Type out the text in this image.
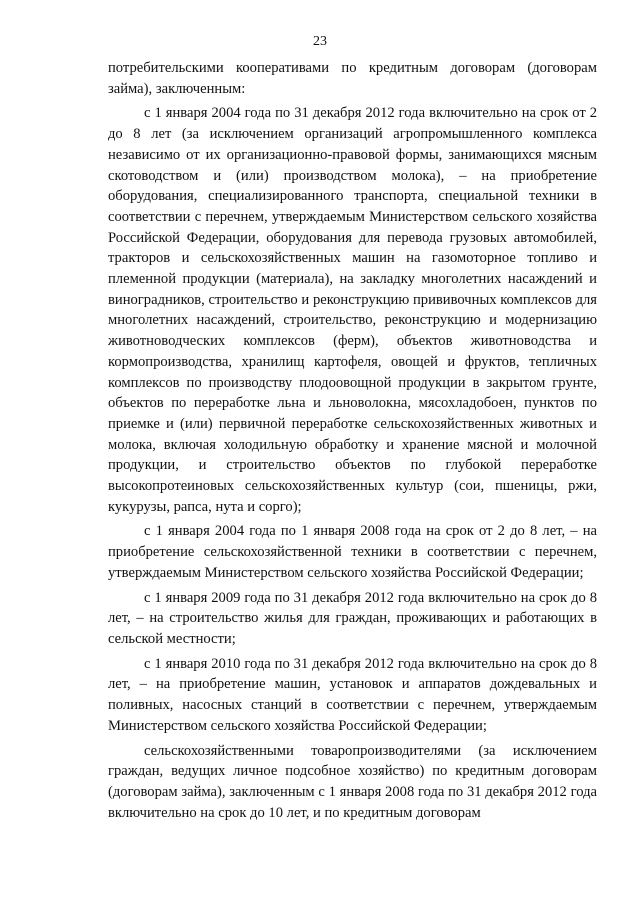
23

потребительскими кооперативами по кредитным договорам (договорам займа), заключенным:

с 1 января 2004 года по 31 декабря 2012 года включительно на срок от 2 до 8 лет (за исключением организаций агропромышленного комплекса независимо от их организационно-правовой формы, занимающихся мясным скотоводством и (или) производством молока), – на приобретение оборудования, специализированного транспорта, специальной техники в соответствии с перечнем, утверждаемым Министерством сельского хозяйства Российской Федерации, оборудования для перевода грузовых автомобилей, тракторов и сельскохозяйственных машин на газомоторное топливо и племенной продукции (материала), на закладку многолетних насаждений и виноградников, строительство и реконструкцию прививочных комплексов для многолетних насаждений, строительство, реконструкцию и модернизацию животноводческих комплексов (ферм), объектов животноводства и кормопроизводства, хранилищ картофеля, овощей и фруктов, тепличных комплексов по производству плодоовощной продукции в закрытом грунте, объектов по переработке льна и льноволокна, мясохладобоен, пунктов по приемке и (или) первичной переработке сельскохозяйственных животных и молока, включая холодильную обработку и хранение мясной и молочной продукции, и строительство объектов по глубокой переработке высокопротеиновых сельскохозяйственных культур (сои, пшеницы, ржи, кукурузы, рапса, нута и сорго);

с 1 января 2004 года по 1 января 2008 года на срок от 2 до 8 лет, – на приобретение сельскохозяйственной техники в соответствии с перечнем, утверждаемым Министерством сельского хозяйства Российской Федерации;

с 1 января 2009 года по 31 декабря 2012 года включительно на срок до 8 лет, – на строительство жилья для граждан, проживающих и работающих в сельской местности;

с 1 января 2010 года по 31 декабря 2012 года включительно на срок до 8 лет, – на приобретение машин, установок и аппаратов дождевальных и поливных, насосных станций в соответствии с перечнем, утверждаемым Министерством сельского хозяйства Российской Федерации;

сельскохозяйственными товаропроизводителями (за исключением граждан, ведущих личное подсобное хозяйство) по кредитным договорам (договорам займа), заключенным с 1 января 2008 года по 31 декабря 2012 года включительно на срок до 10 лет, и по кредитным договорам
